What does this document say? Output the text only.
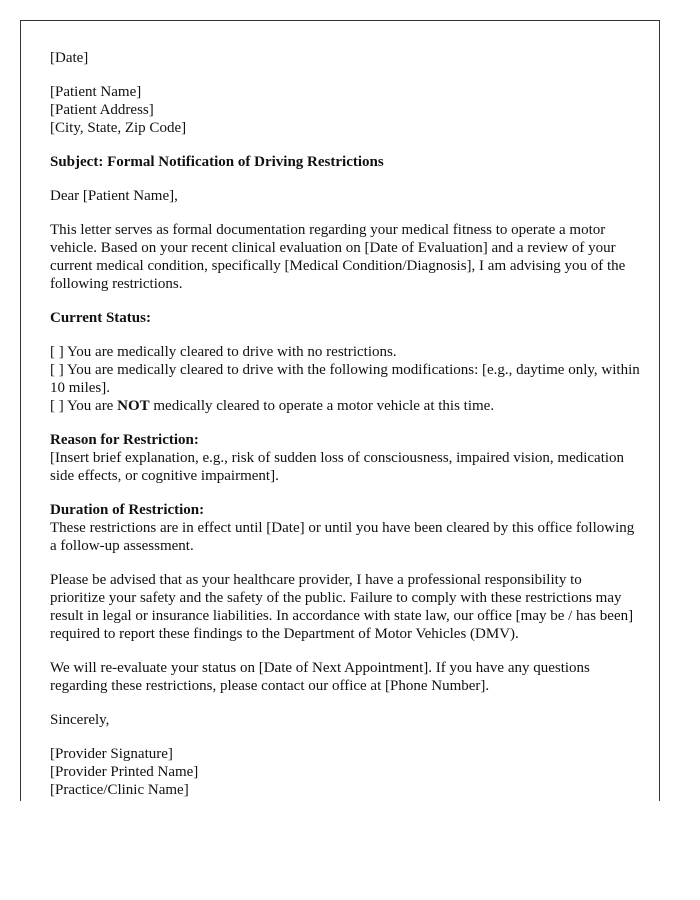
[Date]

[Patient Name]
[Patient Address]
[City, State, Zip Code]

Subject: Formal Notification of Driving Restrictions

Dear [Patient Name],

This letter serves as formal documentation regarding your medical fitness to operate a motor vehicle. Based on your recent clinical evaluation on [Date of Evaluation] and a review of your current medical condition, specifically [Medical Condition/Diagnosis], I am advising you of the following restrictions.

Current Status:

[ ] You are medically cleared to drive with no restrictions.
[ ] You are medically cleared to drive with the following modifications: [e.g., daytime only, within 10 miles].
[ ] You are NOT medically cleared to operate a motor vehicle at this time.

Reason for Restriction:
[Insert brief explanation, e.g., risk of sudden loss of consciousness, impaired vision, medication side effects, or cognitive impairment].

Duration of Restriction:
These restrictions are in effect until [Date] or until you have been cleared by this office following a follow-up assessment.

Please be advised that as your healthcare provider, I have a professional responsibility to prioritize your safety and the safety of the public. Failure to comply with these restrictions may result in legal or insurance liabilities. In accordance with state law, our office [may be / has been] required to report these findings to the Department of Motor Vehicles (DMV).

We will re-evaluate your status on [Date of Next Appointment]. If you have any questions regarding these restrictions, please contact our office at [Phone Number].

Sincerely,

[Provider Signature]
[Provider Printed Name]
[Practice/Clinic Name]
